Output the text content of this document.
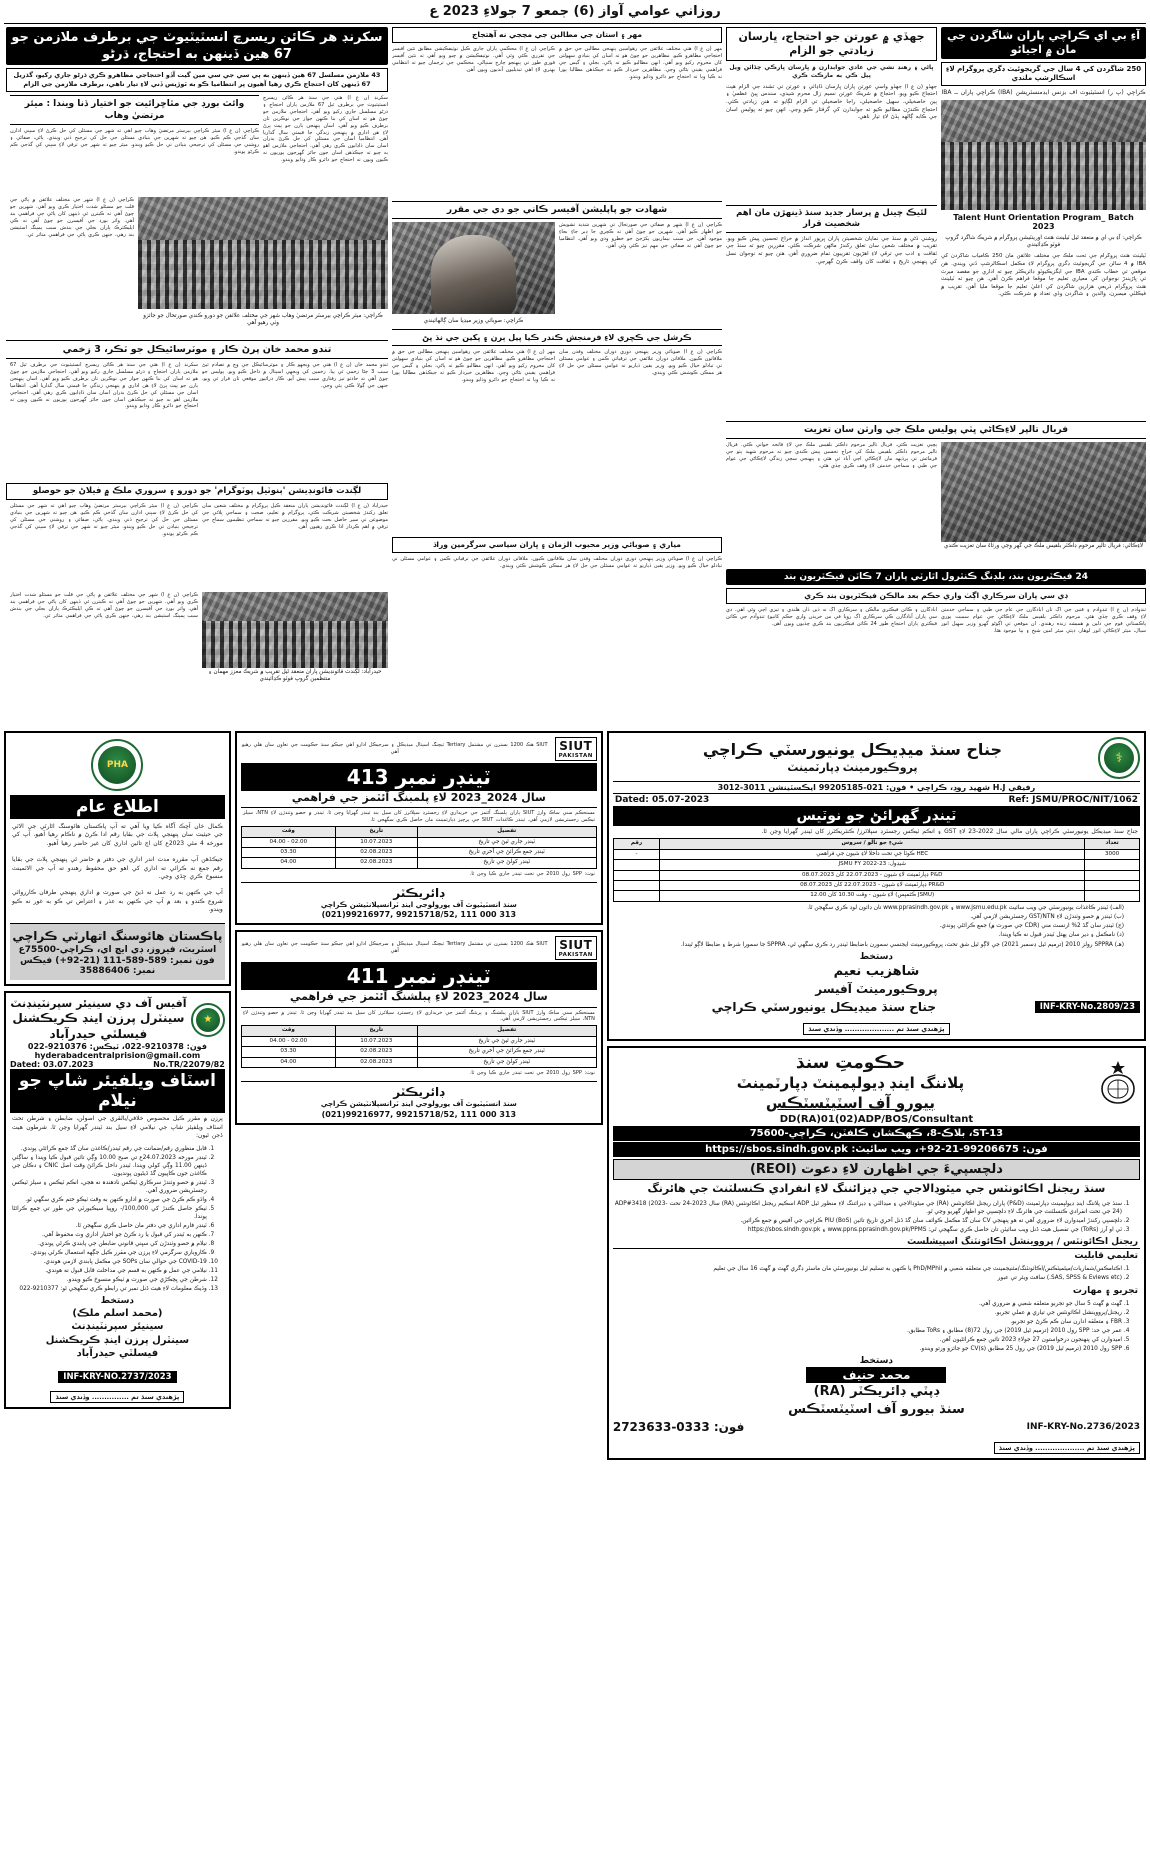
روزاني عوامي آواز (6) جمعو 7 جولاءِ 2023 ع
آءِ بي اي ڪراچي پاران شاگردن جي مان ۾ اجيائو
250 شاگردن کي 4 سال جي گريجوئيٽ ڊگري پروگرام لاءِ اسڪالرشپ ملندي
ڪراچي (پ ر) انسٽيٽيوٽ آف بزنس ايڊمنسٽريشن (IBA) ڪراچي پاران ــ IBA
Talent Hunt Orientation Program_ Batch 2023
ڪراچي: آءِ بي اي ۾ منعقد ٿيل ٽيلينٽ هنٽ اورينٽيشن پروگرام ۾ شريڪ شاگرد گروپ فوٽو ڪڍائيندي
ٽيلينٽ هنٽ پروگرام جي تحت ملڪ جي مختلف علائقن مان 250 ڪامياب شاگردن کي IBA ۾ 4 سالن جي گريجوئيٽ ڊگري پروگرام لاءِ مڪمل اسڪالرشپ ڏني ويندي. هن موقعي تي خطاب ڪندي IBA جي ايگزيڪيوٽو ڊائريڪٽر چيو ته اداري جو مقصد ميرٽ تي ڀاڙيندڙ نوجوانن کي معياري تعليم جا موقعا فراهم ڪرڻ آهي. هن چيو ته ٽيلينٽ هنٽ پروگرام ذريعي هزارين شاگردن کي اعليٰ تعليم جا موقعا مليا آهن. تقريب ۾ فيڪلٽي ميمبرن، والدين ۽ شاگردن وڏي تعداد ۾ شرڪت ڪئي.
جهڏي ۾ عورتن جو احتجاج، ڀارسان زيادتي جو الزام
ڀاڻي ۽ رهنڊ نشي جي عادي جوابدارن ۾ ڀارسان ڀارڪي چڏائن ويل پيل ڪي به مارڪت ڪري
جهڏو (ن ع آ) جهڏو واسي عورتن پاران ڀارسان ڏاڍائي ۽ عورتن تي تشدد جي الزام هيٺ احتجاج ڪيو ويو. احتجاج ۾ شريڪ عورتن نسيم زال محرم شيدي، سندس ڀيڻ عظميٰ ۽ ٻين خاصخيلي، سهيل خاصخيلي، راجا خاصخيلي تي الزام لڳايو ته هنن زيادتي ڪئي. احتجاج ڪندڙن مطالبو ڪيو ته جوابدارن کي گرفتار ڪيو وڃي. انهن چيو ته پوليس اسان جي ڪابه ڳالهه ٻڌڻ لاءِ تيار ناهي.
لئيڪ چينل ۾ پرسار جديد سنڌ ڏينهڙن مان اهم شخصيت قرار
روشني ڌڻي ۾ سنڌ جي نمايان شخصيتن پاران ڀرپور انداز ۾ خراج تحسين پيش ڪيو ويو. تقريب ۾ مختلف شعبن سان تعلق رکندڙ ماڻهن شرڪت ڪئي. مقررين چيو ته سنڌ جي ثقافت ۽ ادب جي ترقي لاءِ اهڙيون تقريبون تمام ضروري آهن. هنن چيو ته نوجوان نسل کي پنهنجي تاريخ ۽ ثقافت کان واقف ڪرڻ گهرجي.
فريال تالپر لاءِڪاڻي ڀٽي پوليس ملڪ جي وارثن سان تعزيت
لاءِڪاڻي: فريال تالپر مرحوم ڊاڪٽر بلقيس ملڪ جي گهر وڃي ورثاءَ سان تعزيت ڪندي
پڇپي تعزيت ڪئي. فريال تالپر مرحوم ڊاڪٽر بلقيس ملڪ جي لاءِ فاتحه خواني ڪئي. فريال تالپر مرحوم ڊاڪٽر بلقيس ملڪ کي خراج تحسين پيش ڪندي چيو ته مرحوم شهيد پتو جي فرمائش تي پرڏيهه مان لاءِڪاڻي اچي آباد ٿي هئي ۽ پنهنجي سڄي زندگي لاءِڪاڻي جي عوام جي طبي ۽ سماجي خدمتن لاءِ وقف ڪري ڇڏي هئي.
24 فيڪٽريون بند، بلڊنگ ڪنٽرول اٿارٽي پاران 7 ڪاٽن فيڪٽريون بند
ڊي سي پاران سرڪاري اڳٺ واري حڪم بعد مالڪن فيڪٽريون بند ڪري
ٽنڊوآدم (ن ع آ) ٽنڊوآدم ۽ قنبن جي اڳ تان آبادگارن جي عام جي طبي ۽ سماجي خدمتن لاءِ وقف ڪري چڏي هئي. مرحوم ڊاڪٽر بلقيس ملڪ لاءِڪاڻي جي عوام سميت پوري پاڪستاني قوم جي دلين ۾ هميشه زنده رهندي. ان موقعي تي اڳوڻو گهرو وزير سهيل انور سيال، ميئر لاءِڪاڻي انور لوهار، ڊپٽي ميئر امين شيخ ۽ ٻيا موجود هئا.
آبادگارن ۽ ڪاٽن فيڪٽري مالڪن ۽ سرڪاري اڳ نه ڏين ڏان هلندي ۽ تيزي اچي وئي آهي. ڊي سي پاران آبادگارن ڪي سرڪاري اڳ رويا في من خريدن واري حڪم کانپوءِ ٽنڊوآدم جي ڪاٽن فيڪٽري پاران احتجاج طور 24 ڪاٽن فيڪٽريون بند ڪري ڇڏيون ويون آهن.
مهر ۽ استان جي مطالبن جي مڃجي نه آهتجاج
مهر (ن ع آ) هتي مختلف علائقن جي رهواسين پنهنجن مطالبن جي حق ۾ احتجاجي مظاهرو ڪيو. مظاهرين جو چوڻ هو ته اسان کي بنيادي سهولتن کان محروم رکيو ويو آهي. انهن مطالبو ڪيو ته پاڻي، بجلي ۽ گيس جي فراهمي يقيني بڻائي وڃي. مظاهرين خبردار ڪيو ته جيڪڏهن مطالبا پورا نه ڪيا ويا ته احتجاج جو دائرو وڌايو ويندو.
ڪراچي (ن ع آ) محڪمي پاران جاري ڪيل نوٽيفڪيشن مطابق نئين آفيسر جي تقرري ڪئي وئي آهي. نوٽيفڪيشن ۾ چيو ويو آهي ته نئين آفيسر فوري طور تي پنهنجو چارج سنڀالي. محڪمي جي ترجمان چيو ته انتظامي بهتري لاءِ اهي تبديليون آنديون ويون آهن.
شهادت جو پاپليشن آفيسر ڪاني جو دي جي مقرر
ڪراچي (ن ع آ) شهر ۾ صفائي جي صورتحال تي شهرين شديد تشويش جو اظهار ڪيو آهي. شهرين جو چوڻ آهي ته ڪچري جا ڍير جاءِ بجاءِ موجود آهن، جن سبب بيماريون پکڙجڻ جو خطرو وڌي ويو آهي. انتظاميا جو چوڻ آهي ته صفائي جي مهم تيز ڪئي وئي آهي.
ڪراچي: صوبائي وزير ميڊيا سان ڳالهائيندي
ڪرشل جي ڪچري لاءِ فرمنجش ڪندر ڪيا پيل ٻرن ۽ پکين جي نڌ پڻ
ڪراچي (ن ع آ) صوبائي وزير پنهنجي دوري دوران مختلف وفدن سان ملاقاتون ڪيون. ملاقاتن دوران علائقي جي ترقياتي ڪمن ۽ عوامي مسئلن تي تبادلو خيال ڪيو ويو. وزير يقين ڏياريو ته عوامي مسئلن جي حل لاءِ هر ممڪن ڪوشش ڪئي ويندي.
مهر (ن ع آ) هتي مختلف علائقن جي رهواسين پنهنجن مطالبن جي حق ۾ احتجاجي مظاهرو ڪيو. مظاهرين جو چوڻ هو ته اسان کي بنيادي سهولتن کان محروم رکيو ويو آهي. انهن مطالبو ڪيو ته پاڻي، بجلي ۽ گيس جي فراهمي يقيني بڻائي وڃي. مظاهرين خبردار ڪيو ته جيڪڏهن مطالبا پورا نه ڪيا ويا ته احتجاج جو دائرو وڌايو ويندو.
مياري ۽ صوبائي وزير محبوب الزمان ۽ ڀاران سياسي سرگرمين وراڌ
ڪراچي (ن ع آ) صوبائي وزير پنهنجي دوري دوران مختلف وفدن سان ملاقاتون ڪيون. ملاقاتن دوران علائقي جي ترقياتي ڪمن ۽ عوامي مسئلن تي تبادلو خيال ڪيو ويو. وزير يقين ڏياريو ته عوامي مسئلن جي حل لاءِ هر ممڪن ڪوشش ڪئي ويندي.
سکرنڊ هر ڪائن ريسرچ انسٽيٽيوٽ جي برطرف ملازمن جو 67 هين ڏينهن به احتجاج، ڌرڻو
43 ملازمن مسلسل 67 هين ڏينهن به پي سي جي سي مين گيت آڏو احتجاجي مظاهرو ڪري ڌرڻو جاري رکيو، گذريل 67 ڏينهن کان احتجاج ڪري رهيا آهيون پر انتظاميا ڪو به ٽوڙيس ڏني لاءِ تيار ناهي، برطرف ملازمن جي الزام
سکرنڊ (ن ع آ) هتي جي سنڌ هر ڪائن ريسرچ انسٽيٽيوٽ جي برطرف ٿيل 67 ملازمن پاران احتجاج ۽ ڌرڻو مسلسل جاري رکيو ويو آهي. احتجاجي ملازمن جو چوڻ هو ته اسان کي بنا ڪنهن جواز جي نوڪرين تان برطرف ڪيو ويو آهي. اسان پنهنجن ٻارن جو پيٽ ڀرڻ لاءِ هن اداري ۾ پنهنجي زندگي جا قيمتي سال گذاريا آهن. انتظاميا اسان جي مسئلي کي حل ڪرڻ بدران اسان سان ڏاڍايون ڪري رهي آهي. احتجاجي ملازمن اهو به چيو ته جيڪڏهن اسان جون جائز گهرجون پوريون نه ڪيون ويون ته احتجاج جو دائرو ڪار وڌايو ويندو.
وائٽ بورڊ جي مٿاڇرائيت جو اختيار ڏنا ويندا : ميئر مرتضيٰ وهاب
ڪراچي (ن ع آ) ميئر ڪراچي بيرسٽر مرتضيٰ وهاب چيو آهي ته شهر جي مسئلن کي حل ڪرڻ لاءِ سڀني ادارن سان گڏجي ڪم ڪبو. هن چيو ته شهرين جي بنيادي مسئلن جي حل کي ترجيح ڏني ويندي. پاڻي، صفائي ۽ روشني جي مسئلن کي ترجيحي بنيادن تي حل ڪيو ويندو. ميئر چيو ته شهر جي ترقي لاءِ سڀني کي گڏجي ڪم ڪرڻو پوندو.
ڪراچي: ميئر ڪراچي بيرسٽر مرتضيٰ وهاب شهر جي مختلف علائقن جو دورو ڪندي صورتحال جو جائزو وٺي رهيو آهي
ڪراچي (ن ع آ) شهر جي مختلف علائقن ۾ پاڻي جي قلت جو مسئلو شدت اختيار ڪري ويو آهي. شهرين جو چوڻ آهي ته ڪيترن ئي ڏينهن کان پاڻي جي فراهمي بند آهي. واٽر بورڊ جي آفيسرن جو چوڻ آهي ته ڪي ايليڪٽرڪ پاران بجلي جي بندش سبب پمپنگ اسٽيشن بند رهي، جنهن ڪري پاڻي جي فراهمي متاثر ٿي.
تندو محمد خان پرڻ ڪار ۽ موٽرسائيڪل جو ٽڪر، 3 زخمي
ٽنڊو محمد خان (ن ع آ) هتي جي ويجهو ڪار ۽ موٽرسائيڪل جي وچ ۾ تصادم ٿيڻ سبب 3 ڄڻا زخمي ٿي پيا. زخمين کي ويجهي اسپتال ۾ داخل ڪيو ويو. پوليس جو چوڻ آهي ته حادثو تيز رفتاري سبب پيش آيو. ڪار ڊرائيور موقعي تان فرار ٿي ويو، جنهن جي ڳولا ڪئي پئي وڃي.
سکرنڊ (ن ع آ) هتي جي سنڌ هر ڪائن ريسرچ انسٽيٽيوٽ جي برطرف ٿيل 67 ملازمن پاران احتجاج ۽ ڌرڻو مسلسل جاري رکيو ويو آهي. احتجاجي ملازمن جو چوڻ هو ته اسان کي بنا ڪنهن جواز جي نوڪرين تان برطرف ڪيو ويو آهي. اسان پنهنجن ٻارن جو پيٽ ڀرڻ لاءِ هن اداري ۾ پنهنجي زندگي جا قيمتي سال گذاريا آهن. انتظاميا اسان جي مسئلي کي حل ڪرڻ بدران اسان سان ڏاڍايون ڪري رهي آهي. احتجاجي ملازمن اهو به چيو ته جيڪڏهن اسان جون جائز گهرجون پوريون نه ڪيون ويون ته احتجاج جو دائرو ڪار وڌايو ويندو.
لڳندت فائونڊيشن 'ٻنوٽيل پوٽوگرام' جو دورو ۽ سروري ملڪ ۾ فيلاڻ جو حوصلو
حيدرآباد (ن ع آ) لڳندت فائونڊيشن پاران منعقد ڪيل پروگرام ۾ مختلف شعبن سان تعلق رکندڙ شخصيتن شرڪت ڪئي. پروگرام ۾ تعليم، صحت ۽ سماجي ڀلائي جي موضوعن تي سير حاصل بحث ڪيو ويو. مقررين چيو ته سماجي تنظيمون سماج جي ترقي ۾ اهم ڪردار ادا ڪري رهيون آهن.
ڪراچي (ن ع آ) ميئر ڪراچي بيرسٽر مرتضيٰ وهاب چيو آهي ته شهر جي مسئلن کي حل ڪرڻ لاءِ سڀني ادارن سان گڏجي ڪم ڪبو. هن چيو ته شهرين جي بنيادي مسئلن جي حل کي ترجيح ڏني ويندي. پاڻي، صفائي ۽ روشني جي مسئلن کي ترجيحي بنيادن تي حل ڪيو ويندو. ميئر چيو ته شهر جي ترقي لاءِ سڀني کي گڏجي ڪم ڪرڻو پوندو.
حيدرآباد: لڳندت فائونڊيشن پاران منعقد ٿيل تقريب ۾ شريڪ معزز مهمان ۽ منتظمين گروپ فوٽو ڪڍائيندي
ڪراچي (ن ع آ) شهر جي مختلف علائقن ۾ پاڻي جي قلت جو مسئلو شدت اختيار ڪري ويو آهي. شهرين جو چوڻ آهي ته ڪيترن ئي ڏينهن کان پاڻي جي فراهمي بند آهي. واٽر بورڊ جي آفيسرن جو چوڻ آهي ته ڪي ايليڪٽرڪ پاران بجلي جي بندش سبب پمپنگ اسٽيشن بند رهي، جنهن ڪري پاڻي جي فراهمي متاثر ٿي.
⚕
جناح سنڌ ميڊيڪل يونيورسٽي ڪراچي
پروڪيورمينٽ ڊپارٽمينٽ
رفيقي H.J شهيد روڊ، ڪراچي • فون: 021-99205185 ايڪسٽينشن 3011-3012
Ref: JSMU/PROC/NIT/1062
Dated: 05.07-2023
ٽينڊر گهرائڻ جو نوٽيس
جناح سنڌ ميڊيڪل يونيورسٽي ڪراچي پاران مالي سال 2022-23 لاءِ GST ۽ انڪم ٽيڪس رجسٽرڊ سپلائرز/ ڪنٽريڪٽرز کان ٽينڊر گهرايا وڃن ٿا.
تعداد	شيءِ جو نالو / سروس	رقم
3000	HEC ڪوٽا جي تحت داخلا لاءِ شيون جي فراهمي	-
	شيڊول: JSMU FY 2022-23	
	P&D ڊپارٽمينٽ لاءِ شيون - 22.07.2023 کان 08.07.2023	
	PR&D ڊپارٽمينٽ لاءِ شيون - 22.07.2023 کان 08.07.2023	
	(JSMU ڪئمپس) لاءِ شيون - وقت 10.30 کان 12.00	
(الف) ٽينڊر ڪاغذات يونيورسٽي جي ويب سائيٽ www.jsmu.edu.pk ۽ www.pprasindh.gov.pk تان ڊائون لوڊ ڪري سگهجن ٿا.
(ب) ٽينڊر ۾ حصو وٺندڙن لاءِ GST/NTN رجسٽريشن لازمي آهي.
(ج) ٽينڊر سان گڏ 2% ارنسٽ مني (CDR جي صورت ۾) جمع ڪرائڻي پوندي.
(د) نامڪمل ۽ دير سان پهتل ٽينڊر قبول نه ڪيا ويندا.
(هـ) SPPRA رولز 2010 (ترميم ٿيل ڊسمبر 2021) جي لاڳو ٿيل شق تحت، پروڪيورمينٽ ايجنسي سمورن باضابطا ٽينڊر رد ڪري سگهي ٿي، SPPRA جا سمورا شرط ۽ ضابطا لاڳو ٿيندا.
دستخط
شاهزيب نعيم
پروڪيورمينٽ آفيسر
INF-KRY-No.2809/23
جناح سنڌ ميڊيڪل يونيورسٽي ڪراچي
پڙهندي سنڌ تم .................... وڏندي سنڌ
حڪومتِ سنڌ
پلاننگ اينڊ ڊيولپمينٽ ڊپارٽمينٽ
بيورو آف اسٽيٽسٽڪس
DD(RA)01(02)ADP/BOS/Consultant
ST-13، بلاڪ-8، ڪھڪشان ڪلفٽن، ڪراچي-75600
فون: 99206675-21-92+، ويب سائيٽ: https://sbos.sindh.gov.pk
دلچسپيءَ جي اظهارن لاءِ دعوت (REOI)
سنڌ ريجنل اڪائونٽس جي ميٿوڊالاجي جي ڊيزائننگ لاءِ انفرادي ڪنسلٽنٽ جي هائرنگ
1. سنڌ جي پلاننگ اينڊ ڊيولپمينٽ ڊپارٽمينٽ (P&D) پاران ريجنل اڪائونٽس (RA) جي ميٿوڊالاجي ۽ ميڊالٽي ۽ ڊيزائننگ لاءِ منظور ٿيل ADP اسڪيم ريجنل اڪائونٽس (RA) سال 2023-24 تحت ADP#3418 (2023-24) جي تحت انفرادي ڪنسلٽنٽ جي هائرنگ لاءِ دلچسپي جو اظهار گهريو وڃي ٿو.
2. دلچسپي رکندڙ اميدوارن لاءِ ضروري آهي ته هو پنهنجي CV سان گڏ مڪمل ڪوائف سان گڏ ڏنل آخري تاريخ تائين PIU (BoS) ڪراچي جي آفيس ۾ جمع ڪرائين.
3. ٽي او آرز (ToRs) جي تفصيل هيٺ ڏنل ويب سائيٽن تان حاصل ڪري سگهجي ٿي: www.ppns.pprasindh.gov.pk/PPMS ۽ https://sbos.sindh.gov.pk
ريجنل اڪائونٽس / پرووينشل اڪائونٽنگ اسپيشلسٽ
تعليمي قابليت
1. اڪنامڪس/شماريات/ميٿميٽڪس/اڪائونٽنگ/مئنيجمينٽ جي متعلقه شعبي ۾ PhD/MPhil يا ڪنهن به تسليم ٿيل يونيورسٽي مان ماسٽر ڊگري گهٽ ۾ گهٽ 16 سال جي تعليم
2. (SAS, SPSS & Eviews etc.) سافٽ ويئر تي عبور
تجربو ۽ مهارت
1. گهٽ ۾ گهٽ 5 سال جو تجربو متعلقه شعبي ۾ ضروري آهي.
2. ريجنل/پرووينشل اڪائونٽس جي تياري ۾ عملي تجربو.
3. FBR ۽ متعلقه ادارن سان ڪم ڪرڻ جو تجربو.
4. عمر جي حد: SPP رول 2010 (ترميم ٿيل 2019) جي رول 72(8) مطابق ۽ ToRs مطابق.
5. اميدوارن کي پنهنجون درخواستون 27 جولاءِ 2023 تائين جمع ڪرائڻيون آهن.
6. SPP رول 2010 (ترميم ٿيل 2019) جي رول 25 مطابق CV(s) جو جائزو ورتو ويندو.
دستخط
محمد حنيف
ڊپٽي ڊائريڪٽر (RA)
سنڌ بيورو آف اسٽيٽسٽڪس
INF-KRY-No.2736/2023
فون: 0333-2723633
پڙهندي سنڌ تم .................... وڏندي سنڌ
SIUT
PAKISTAN
SIUT هڪ 1200 بسترن تي مشتمل Tertiary ٽيچنگ اسپتال ميڊيڪل ۽ سرجيڪل ادارو آهي جيڪو سنڌ حڪومت جي تعاون سان هلي رهيو آهي
ٽينڊر نمبر 413
سال 2024_2023 لاءِ پلمبنگ آئٽمز جي فراهمي
مستحڪم سني ساڪ وارڙ SIUT پاران پلمبنگ آئٽمز جي خريداري لاءِ رجسٽرڊ سپلائرز کان سيل بند ٽينڊر گهرايا وڃن ٿا. ٽينڊر ۾ حصو وٺندڙن لاءِ NTN، سيلز ٽيڪس رجسٽريشن لازمي آهي. ٽينڊر ڪاغذات SIUT جي پرچيز ڊپارٽمينٽ مان حاصل ڪري سگهجن ٿا.
تفصيل	تاريخ	وقت
ٽينڊر جاري ٿيڻ جي تاريخ	10.07.2023	02.00 - 04.00
ٽينڊر جمع ڪرائڻ جي آخري تاريخ	02.08.2023	03.30
ٽينڊر کولڻ جي تاريخ	02.08.2023	04.00
نوٽ: SPP رول 2010 جي تحت ٽينڊر جاري ڪيا وڃن ٿا.
ڊائريڪٽر
سنڌ انسٽيٽيوٽ آف يورولوجي اينڊ ٽرانسپلانٽيشن ڪراچي
(021)99216977, 99215718/52, 111 000 313
SIUT
PAKISTAN
SIUT هڪ 1200 بسترن تي مشتمل Tertiary ٽيچنگ اسپتال ميڊيڪل ۽ سرجيڪل ادارو آهي جيڪو سنڌ حڪومت جي تعاون سان هلي رهيو آهي
ٽينڊر نمبر 411
سال 2024_2023 لاءِ پبلشنگ آئٽمز جي فراهمي
مستحڪم سني ساڪ وارڙ SIUT پاران پبلشنگ ۽ پرنٽنگ آئٽمز جي خريداري لاءِ رجسٽرڊ سپلائرز کان سيل بند ٽينڊر گهرايا وڃن ٿا. ٽينڊر ۾ حصو وٺندڙن لاءِ NTN، سيلز ٽيڪس رجسٽريشن لازمي آهي.
تفصيل	تاريخ	وقت
ٽينڊر جاري ٿيڻ جي تاريخ	10.07.2023	02.00 - 04.00
ٽينڊر جمع ڪرائڻ جي آخري تاريخ	02.08.2023	03.30
ٽينڊر کولڻ جي تاريخ	02.08.2023	04.00
نوٽ: SPP رول 2010 جي تحت ٽينڊر جاري ڪيا وڃن ٿا.
ڊائريڪٽر
سنڌ انسٽيٽيوٽ آف يورولوجي اينڊ ٽرانسپلانٽيشن ڪراچي
(021)99216977, 99215718/52, 111 000 313
PHA
اطلاع عام
ڪمال خان آچڪ آگاه ڪيا ويا آهي ته آپ پاڪستان هائوسنگ اٿارٽي جي الاٽي جي حيثيت سان پنهنجي پلاٽ جي بقايا رقم ادا ڪرڻ ۾ ناڪام رهيا آهيو. آپ کي مورخه 4 مئي 2023ع کان اڄ تائين اداري کان غير حاضر رهيا آهيو.
جيڪڏهن آپ مقرره مدت اندر اداري جي دفتر ۾ حاضر ٿي پنهنجي پلاٽ جي بقايا رقم جمع نه ڪرائي ته اداري کي اهو حق محفوظ رهندو ته آپ جي الاٽمينٽ منسوخ ڪري ڇڏي وڃي.
آپ جي ڪنهن به رد عمل نه ڏيڻ جي صورت ۾ اداري پنهنجي طرفان ڪارروائي شروع ڪندو ۽ بعد ۾ آپ جي ڪنهن به عذر ۽ اعتراض تي ڪو به غور نه ڪيو ويندو.
پاڪستان هائوسنگ اتھارٽي ڪراچي
اسٽريٽ، فيروز، ڊي ايڇ اي، ڪراچي-75500ع
فون نمبر: 589-589-111 (21-92+) فيڪس نمبر: 35886406
★
آفيس آف دي سينيئر سپرنٽينڊنٽ
سينٽرل پرزن اينڊ ڪريڪشنل فيسلٽي حيدرآباد
فون: 9210378-022، ٽيڪس: 9210376-022
hyderabadcentralprision@gmail.com
No.TR/22079/82
Dated: 03.07.2023
اسٽاف ويلفيئر شاپ جو نيلام
پرزن ۾ مقرر ڪيل محصوص خلافي/بالقري جي اصولن، ضابطن ۽ شرطن تحت اسٽاف ويلفيئر شاپ جي نيلامي لاءِ سيل بند ٽينڊر گهرايا وڃن ٿا. شرطون هيٺ ڏجن ٿيون:
1. قابل منظوري رقم/ضمانت جي رقم ٽينڊر/ڪاغذن سان گڏ جمع ڪرائڻي پوندي.
2. ٽينڊر مورخه 24.07.2023ع تي صبح 10.00 وڳي تائين قبول ڪيا ويندا ۽ ساڳئي ڏينهن 11.00 وڳي کولي ويندا. ٽينڊر داخل ڪرائڻ وقت اصل CNIC ۽ دڪان جي ڪاغذن جون ڪاپيون گڏ ڏيڻيون پونديون.
3. ٽينڊر ۾ حصو وٺندڙ سرڪاري ٽيڪس نادهندہ نه هجي، انڪم ٽيڪس ۽ سيلز ٽيڪس رجسٽريشن ضروري آهي.
4. واڌو ڪم ڪرڻ جي صورت ۾ ادارو ڪنهن به وقت ٺيڪو ختم ڪري سگهي ٿو.
5. ٺيڪو حاصل ڪندڙ کي 100,000/- روپيا سيڪيورٽي جي طور تي جمع ڪرائڻا پوندا.
6. ٽينڊر فارم اداري جي دفتر مان حاصل ڪري سگهجن ٿا.
7. ڪنهن به ٽينڊر کي قبول يا رد ڪرڻ جو اختيار اداري وٽ محفوظ آهي.
8. نيلام ۾ حصو وٺندڙن کي سڀني قانوني ضابطن جي پابندي ڪرڻي پوندي.
9. ڪاروباري سرگرمي لاءِ پرزن جي مقرر ڪيل جڳهه استعمال ڪرڻي پوندي.
10. COVID-19 جي حوالي سان SOPs جي مڪمل پابندي لازمي هوندي.
11. نيلامي جي عمل ۾ ڪنهن به قسم جي مداخلت قابل قبول نه هوندي.
12. شرطن جي ڀڃڪڙي جي صورت ۾ ٺيڪو منسوخ ڪيو ويندو.
13. وڌيڪ معلومات لاءِ هيٺ ڏنل نمبر تي رابطو ڪري سگهجي ٿو: 9210377-022
دستخط
(محمد اسلم ملڪ)
سينيئر سپرنٽينڊنٽ
سينٽرل پرزن اينڊ ڪريڪشنل
فيسلٽي حيدرآباد
INF-KRY-NO.2737/2023
پڙهندي سنڌ تم ............... وڏندي سنڌ
